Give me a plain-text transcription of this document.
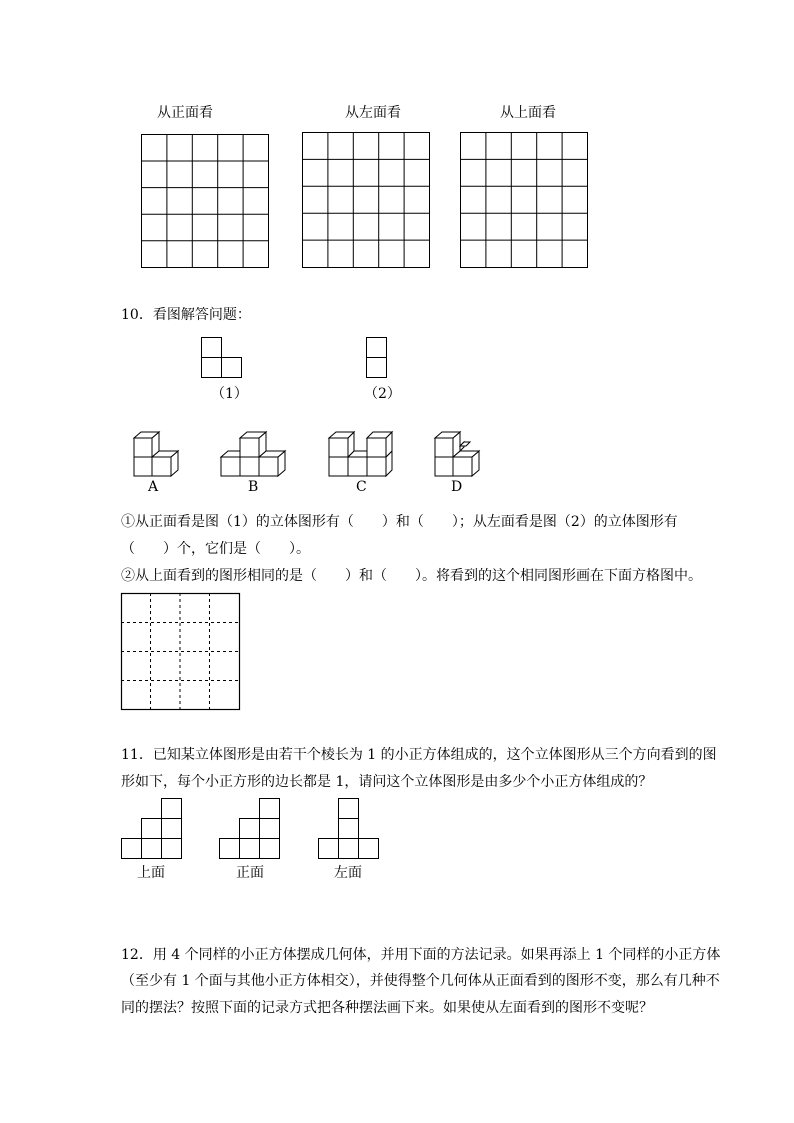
从正面看	从左面看	从上面看
10．看图解答问题：
（1）	（2）
A	B	C	D
①从正面看是图（1）的立体图形有（　　）和（　　）；从左面看是图（2）的立体图形有
（　　）个，它们是（　　）。
②从上面看到的图形相同的是（　　）和（　　）。将看到的这个相同图形画在下面方格图中。
11．已知某立体图形是由若干个棱长为 1 的小正方体组成的，这个立体图形从三个方向看到的图
形如下，每个小正方形的边长都是 1，请问这个立体图形是由多少个小正方体组成的？
上面	正面	左面
12．用 4 个同样的小正方体摆成几何体，并用下面的方法记录。如果再添上 1 个同样的小正方体
（至少有 1 个面与其他小正方体相交），并使得整个几何体从正面看到的图形不变，那么有几种不
同的摆法？按照下面的记录方式把各种摆法画下来。如果使从左面看到的图形不变呢？
